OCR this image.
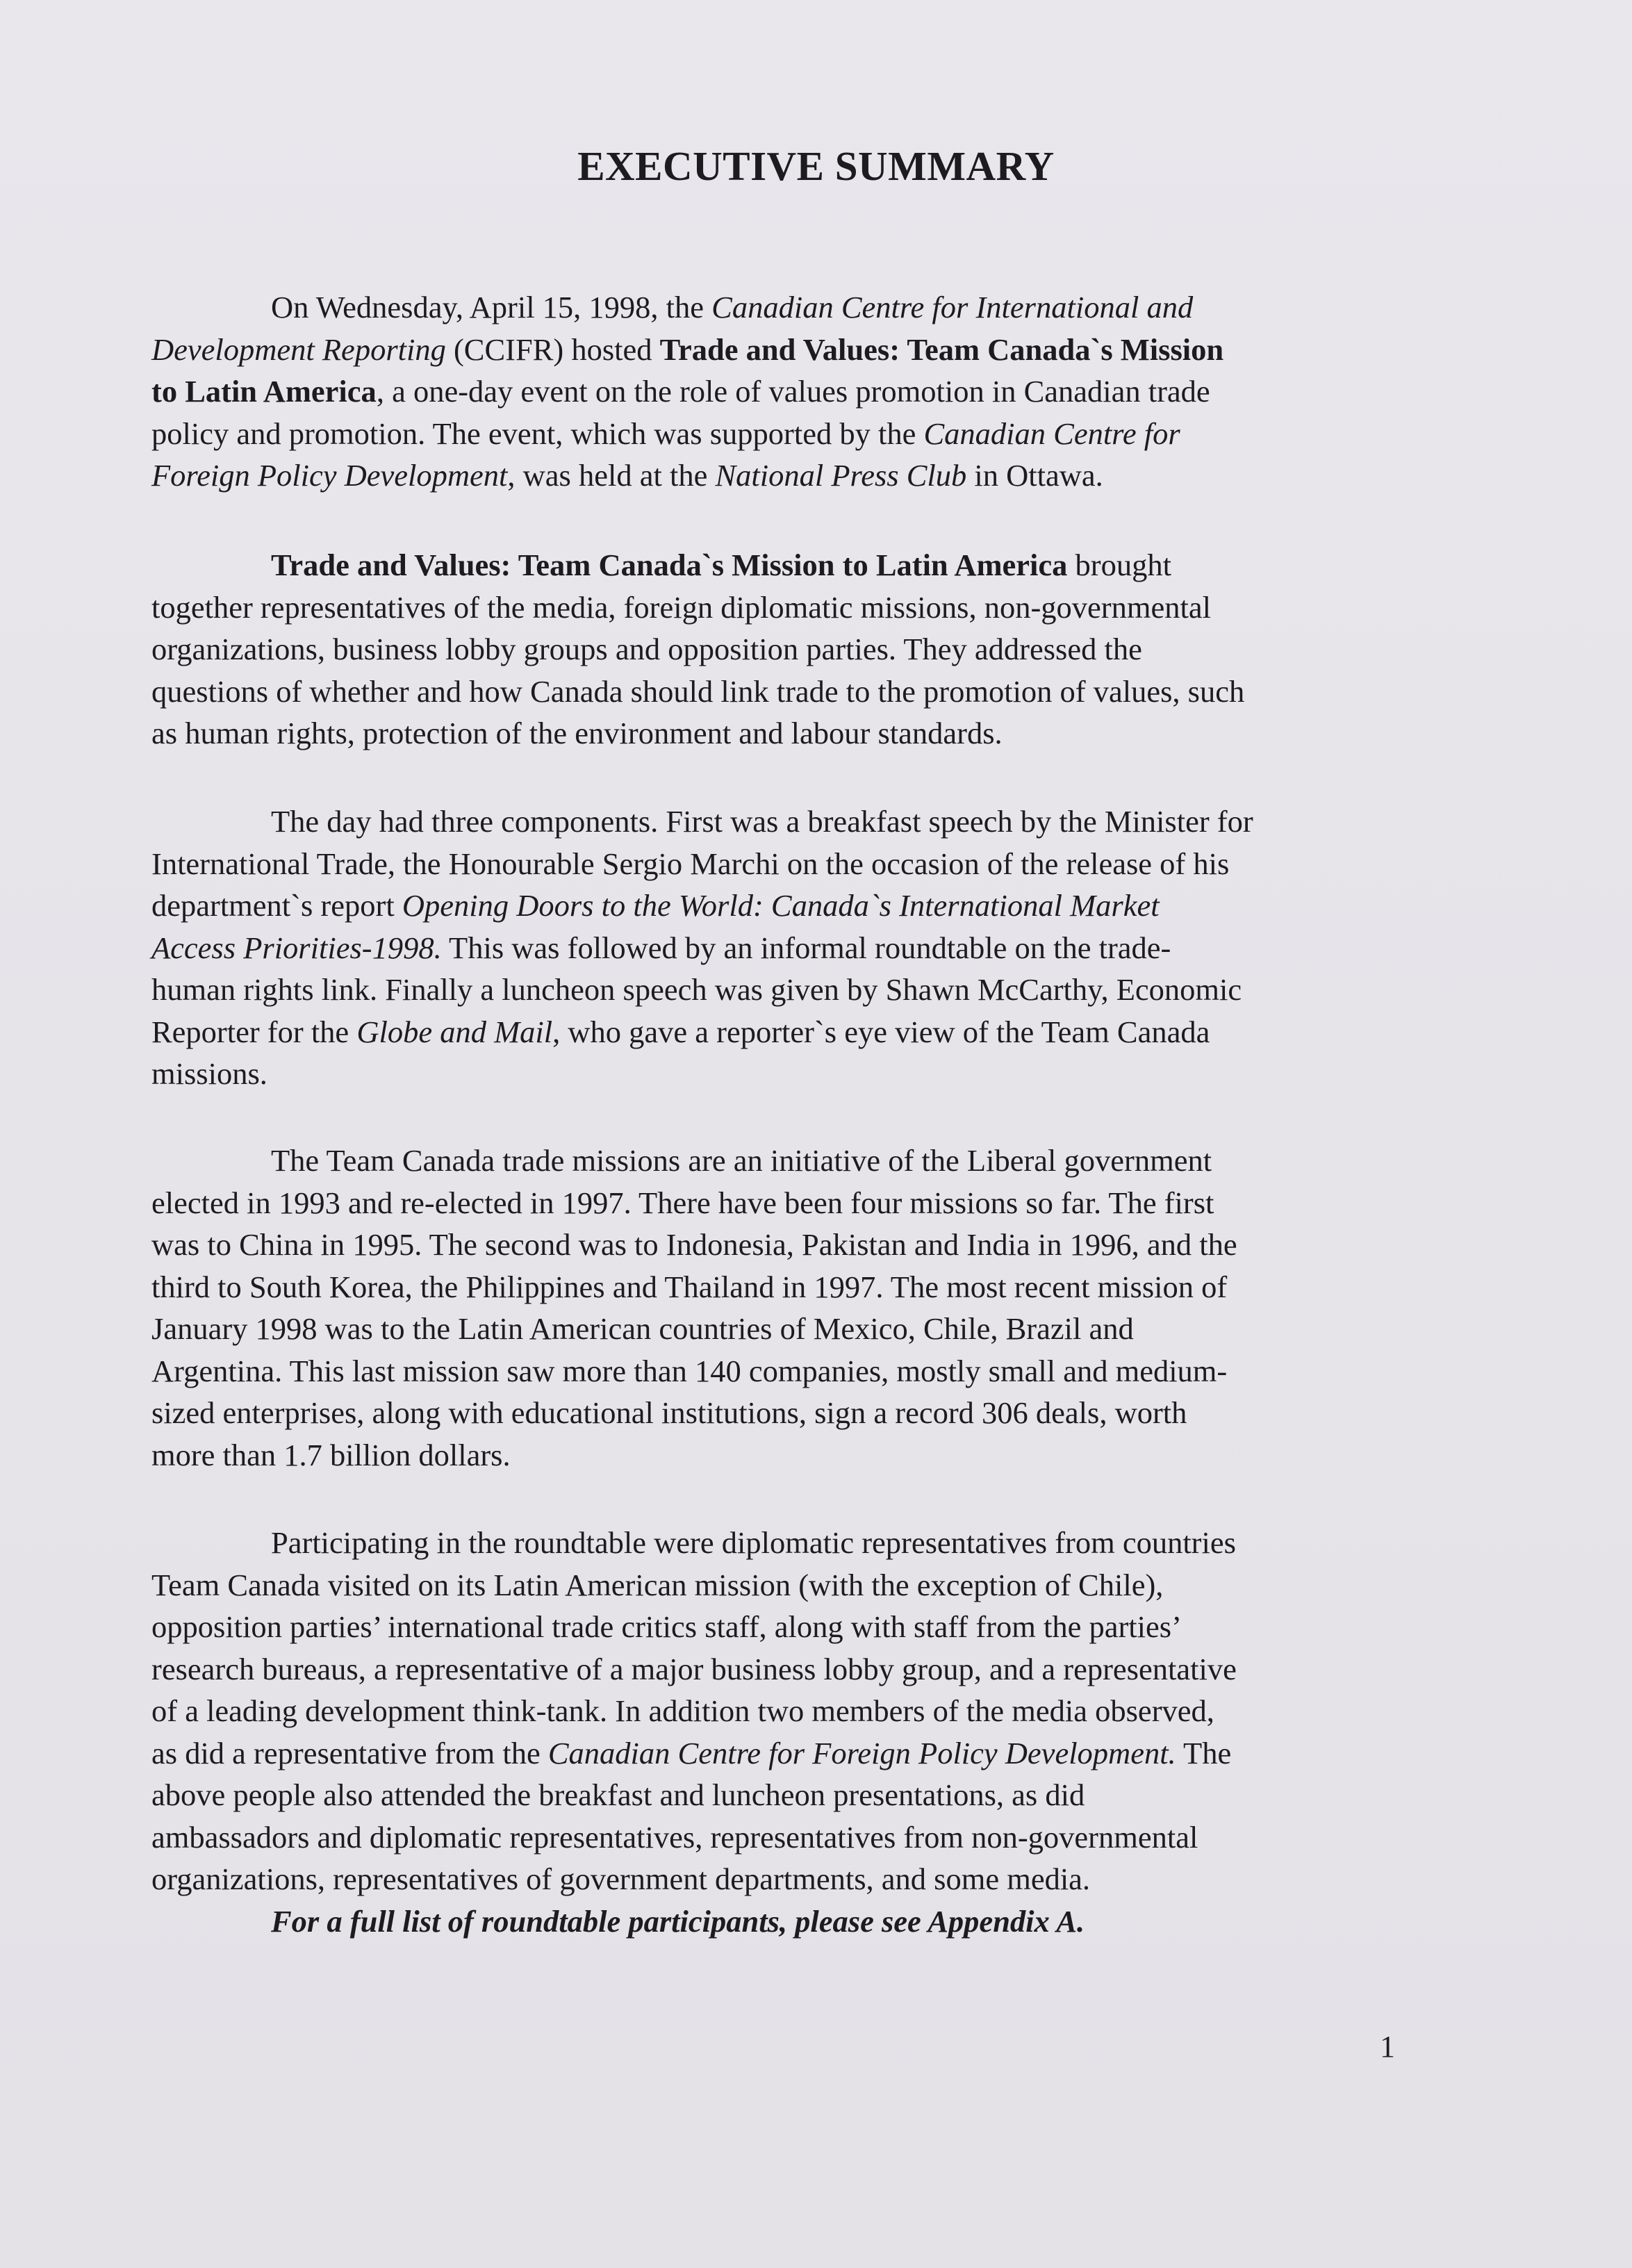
EXECUTIVE SUMMARY

On Wednesday, April 15, 1998, the Canadian Centre for International and
Development Reporting (CCIFR) hosted Trade and Values: Team Canada`s Mission
to Latin America, a one-day event on the role of values promotion in Canadian trade
policy and promotion. The event, which was supported by the Canadian Centre for
Foreign Policy Development, was held at the National Press Club in Ottawa.

Trade and Values: Team Canada`s Mission to Latin America brought
together representatives of the media, foreign diplomatic missions, non-governmental
organizations, business lobby groups and opposition parties. They addressed the
questions of whether and how Canada should link trade to the promotion of values, such
as human rights, protection of the environment and labour standards.

The day had three components. First was a breakfast speech by the Minister for
International Trade, the Honourable Sergio Marchi on the occasion of the release of his
department`s report Opening Doors to the World: Canada`s International Market
Access Priorities-1998. This was followed by an informal roundtable on the trade-
human rights link. Finally a luncheon speech was given by Shawn McCarthy, Economic
Reporter for the Globe and Mail, who gave a reporter`s eye view of the Team Canada
missions.

The Team Canada trade missions are an initiative of the Liberal government
elected in 1993 and re-elected in 1997. There have been four missions so far. The first
was to China in 1995. The second was to Indonesia, Pakistan and India in 1996, and the
third to South Korea, the Philippines and Thailand in 1997. The most recent mission of
January 1998 was to the Latin American countries of Mexico, Chile, Brazil and
Argentina. This last mission saw more than 140 companies, mostly small and medium-
sized enterprises, along with educational institutions, sign a record 306 deals, worth
more than 1.7 billion dollars.

Participating in the roundtable were diplomatic representatives from countries
Team Canada visited on its Latin American mission (with the exception of Chile),
opposition parties’ international trade critics staff, along with staff from the parties’
research bureaus, a representative of a major business lobby group, and a representative
of a leading development think-tank. In addition two members of the media observed,
as did a representative from the Canadian Centre for Foreign Policy Development. The
above people also attended the breakfast and luncheon presentations, as did
ambassadors and diplomatic representatives, representatives from non-governmental
organizations, representatives of government departments, and some media.
For a full list of roundtable participants, please see Appendix A.

1
